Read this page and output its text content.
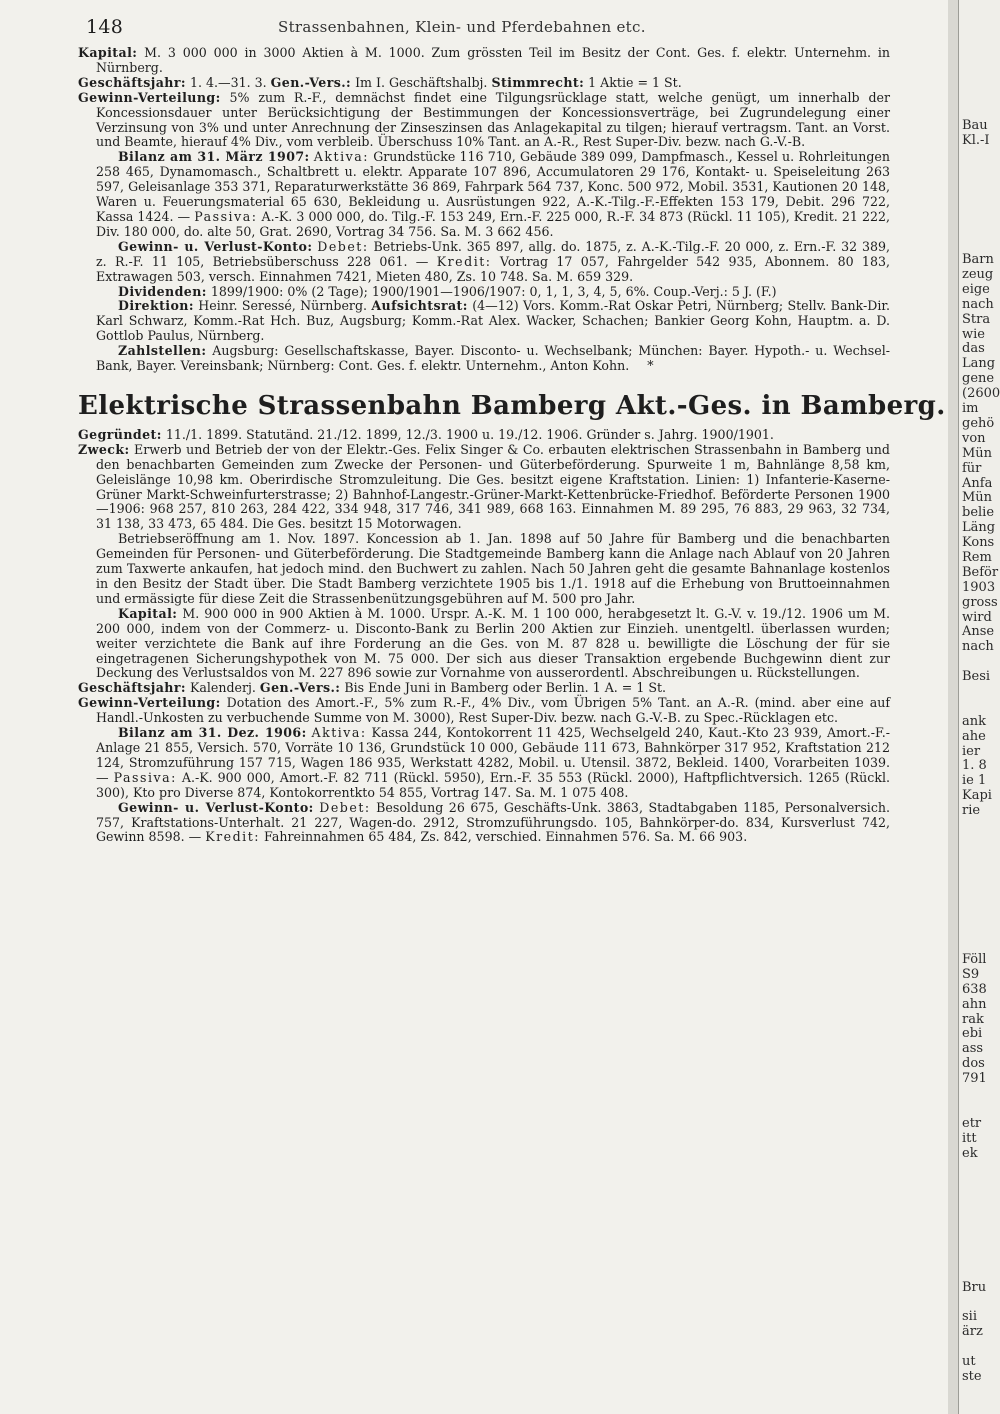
148	Strassenbahnen, Klein- und Pferdebahnen etc.

Kapital: M. 3 000 000 in 3000 Aktien à M. 1000. Zum grössten Teil im Besitz der Cont. Ges. f. elektr. Unternehm. in Nürnberg.

Geschäftsjahr: 1. 4.—31. 3. Gen.-Vers.: Im I. Geschäftshalbj. Stimmrecht: 1 Aktie = 1 St.

Gewinn-Verteilung: 5% zum R.-F., demnächst findet eine Tilgungsrücklage statt, welche genügt, um innerhalb der Koncessionsdauer unter Berücksichtigung der Bestimmungen der Koncessionsverträge, bei Zugrundelegung einer Verzinsung von 3% und unter Anrechnung der Zinseszinsen das Anlagekapital zu tilgen; hierauf vertragsm. Tant. an Vorst. und Beamte, hierauf 4% Div., vom verbleib. Überschuss 10% Tant. an A.-R., Rest Super-Div. bezw. nach G.-V.-B.

Bilanz am 31. März 1907: Aktiva: Grundstücke 116 710, Gebäude 389 099, Dampfmasch., Kessel u. Rohrleitungen 258 465, Dynamomasch., Schaltbrett u. elektr. Apparate 107 896, Accumulatoren 29 176, Kontakt- u. Speiseleitung 263 597, Geleisanlage 353 371, Reparaturwerkstätte 36 869, Fahrpark 564 737, Konc. 500 972, Mobil. 3531, Kautionen 20 148, Waren u. Feuerungsmaterial 65 630, Bekleidung u. Ausrüstungen 922, A.-K.-Tilg.-F.-Effekten 153 179, Debit. 296 722, Kassa 1424. — Passiva: A.-K. 3 000 000, do. Tilg.-F. 153 249, Ern.-F. 225 000, R.-F. 34 873 (Rückl. 11 105), Kredit. 21 222, Div. 180 000, do. alte 50, Grat. 2690, Vortrag 34 756. Sa. M. 3 662 456.

Gewinn- u. Verlust-Konto: Debet: Betriebs-Unk. 365 897, allg. do. 1875, z. A.-K.-Tilg.-F. 20 000, z. Ern.-F. 32 389, z. R.-F. 11 105, Betriebsüberschuss 228 061. — Kredit: Vortrag 17 057, Fahrgelder 542 935, Abonnem. 80 183, Extrawagen 503, versch. Einnahmen 7421, Mieten 480, Zs. 10 748. Sa. M. 659 329.

Dividenden: 1899/1900: 0% (2 Tage); 1900/1901—1906/1907: 0, 1, 1, 3, 4, 5, 6%. Coup.-Verj.: 5 J. (F.)

Direktion: Heinr. Seressé, Nürnberg. Aufsichtsrat: (4—12) Vors. Komm.-Rat Oskar Petri, Nürnberg; Stellv. Bank-Dir. Karl Schwarz, Komm.-Rat Hch. Buz, Augsburg; Komm.-Rat Alex. Wacker, Schachen; Bankier Georg Kohn, Hauptm. a. D. Gottlob Paulus, Nürnberg.

Zahlstellen: Augsburg: Gesellschaftskasse, Bayer. Disconto- u. Wechselbank; München: Bayer. Hypoth.- u. Wechsel-Bank, Bayer. Vereinsbank; Nürnberg: Cont. Ges. f. elektr. Unternehm., Anton Kohn. *

Elektrische Strassenbahn Bamberg Akt.-Ges. in Bamberg.

Gegründet: 11./1. 1899. Statutänd. 21./12. 1899, 12./3. 1900 u. 19./12. 1906. Gründer s. Jahrg. 1900/1901.

Zweck: Erwerb und Betrieb der von der Elektr.-Ges. Felix Singer & Co. erbauten elektrischen Strassenbahn in Bamberg und den benachbarten Gemeinden zum Zwecke der Personen- und Güterbeförderung. Spurweite 1 m, Bahnlänge 8,58 km, Geleislänge 10,98 km. Oberirdische Stromzuleitung. Die Ges. besitzt eigene Kraftstation. Linien: 1) Infanterie-Kaserne-Grüner Markt-Schweinfurterstrasse; 2) Bahnhof-Langestr.-Grüner-Markt-Kettenbrücke-Friedhof. Beförderte Personen 1900—1906: 968 257, 810 263, 284 422, 334 948, 317 746, 341 989, 668 163. Einnahmen M. 89 295, 76 883, 29 963, 32 734, 31 138, 33 473, 65 484. Die Ges. besitzt 15 Motorwagen.

Betriebseröffnung am 1. Nov. 1897. Koncession ab 1. Jan. 1898 auf 50 Jahre für Bamberg und die benachbarten Gemeinden für Personen- und Güterbeförderung. Die Stadtgemeinde Bamberg kann die Anlage nach Ablauf von 20 Jahren zum Taxwerte ankaufen, hat jedoch mind. den Buchwert zu zahlen. Nach 50 Jahren geht die gesamte Bahnanlage kostenlos in den Besitz der Stadt über. Die Stadt Bamberg verzichtete 1905 bis 1./1. 1918 auf die Erhebung von Bruttoeinnahmen und ermässigte für diese Zeit die Strassenbenützungsgebühren auf M. 500 pro Jahr.

Kapital: M. 900 000 in 900 Aktien à M. 1000. Urspr. A.-K. M. 1 100 000, herabgesetzt lt. G.-V. v. 19./12. 1906 um M. 200 000, indem von der Commerz- u. Disconto-Bank zu Berlin 200 Aktien zur Einzieh. unentgeltl. überlassen wurden; weiter verzichtete die Bank auf ihre Forderung an die Ges. von M. 87 828 u. bewilligte die Löschung der für sie eingetragenen Sicherungshypothek von M. 75 000. Der sich aus dieser Transaktion ergebende Buchgewinn dient zur Deckung des Verlustsaldos von M. 227 896 sowie zur Vornahme von ausserordentl. Abschreibungen u. Rückstellungen.

Geschäftsjahr: Kalenderj. Gen.-Vers.: Bis Ende Juni in Bamberg oder Berlin. 1 A. = 1 St.

Gewinn-Verteilung: Dotation des Amort.-F., 5% zum R.-F., 4% Div., vom Übrigen 5% Tant. an A.-R. (mind. aber eine auf Handl.-Unkosten zu verbuchende Summe von M. 3000), Rest Super-Div. bezw. nach G.-V.-B. zu Spec.-Rücklagen etc.

Bilanz am 31. Dez. 1906: Aktiva: Kassa 244, Kontokorrent 11 425, Wechselgeld 240, Kaut.-Kto 23 939, Amort.-F.-Anlage 21 855, Versich. 570, Vorräte 10 136, Grundstück 10 000, Gebäude 111 673, Bahnkörper 317 952, Kraftstation 212 124, Stromzuführung 157 715, Wagen 186 935, Werkstatt 4282, Mobil. u. Utensil. 3872, Bekleid. 1400, Vorarbeiten 1039. — Passiva: A.-K. 900 000, Amort.-F. 82 711 (Rückl. 5950), Ern.-F. 35 553 (Rückl. 2000), Haftpflichtversich. 1265 (Rückl. 300), Kto pro Diverse 874, Kontokorrentkto 54 855, Vortrag 147. Sa. M. 1 075 408.

Gewinn- u. Verlust-Konto: Debet: Besoldung 26 675, Geschäfts-Unk. 3863, Stadtabgaben 1185, Personalversich. 757, Kraftstations-Unterhalt. 21 227, Wagen-do. 2912, Stromzuführungsdo. 105, Bahnkörper-do. 834, Kursverlust 742, Gewinn 8598. — Kredit: Fahreinnahmen 65 484, Zs. 842, verschied. Einnahmen 576. Sa. M. 66 903.

Bau
Kl.-I
Barn
zeug
eige
nach
Stra
wie
das
Lang
gene
(2600
im
gehö
von
Mün
für
Anfa
Mün
belie
Läng
Kons
Rem
Beför
1903
gross
wird
Anse
nach
Besi
ank
ahe
ier
1. 8
ie 1
Kapi
rie
Föll
S9
638
ahn
rak
ebi
ass
dos
791
etr
itt
ek
Bru
sii
ärz
ut
ste
